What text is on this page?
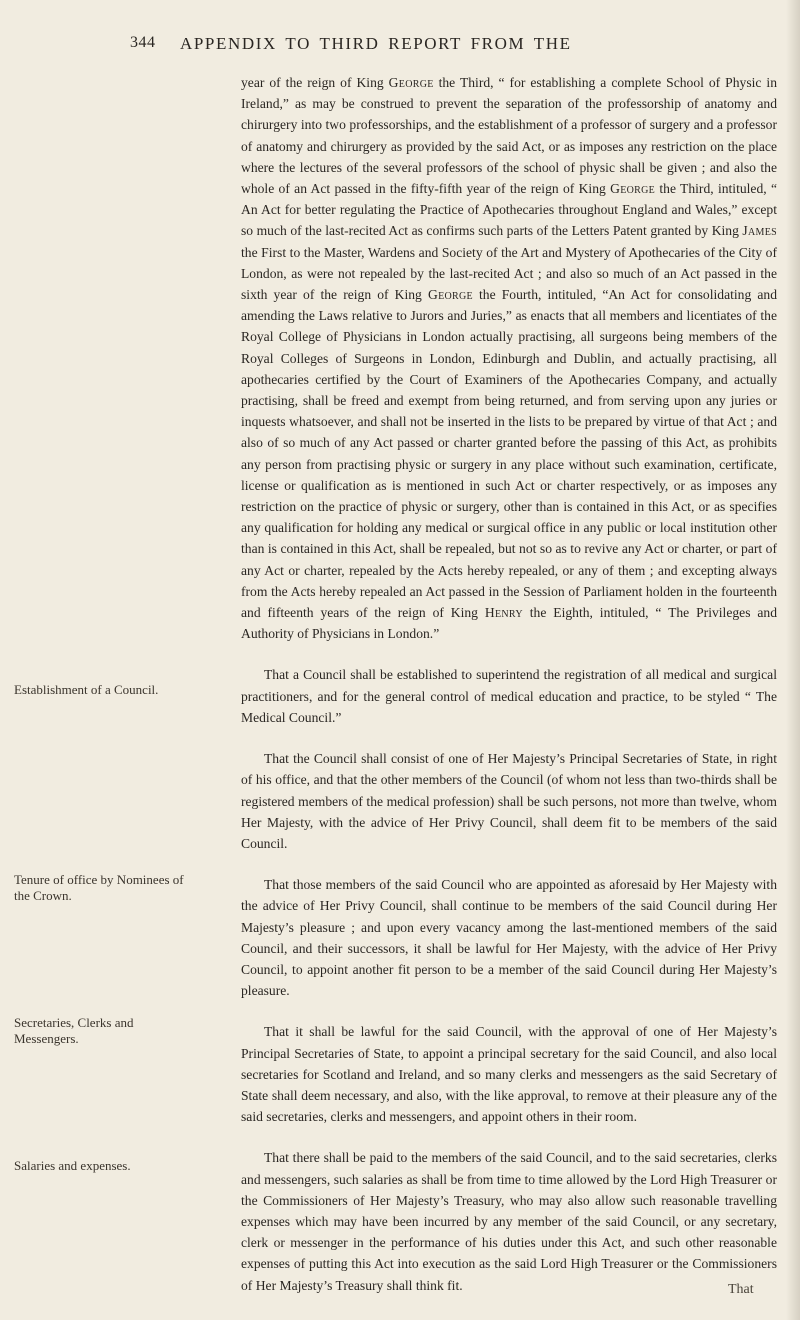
344 APPENDIX TO THIRD REPORT FROM THE

year of the reign of King George the Third, “ for establishing a complete School of Physic in Ireland,” as may be construed to prevent the separation of the professorship of anatomy and chirurgery into two professorships, and the establishment of a professor of surgery and a professor of anatomy and chirurgery as provided by the said Act, or as imposes any restriction on the place where the lectures of the several professors of the school of physic shall be given ; and also the whole of an Act passed in the fifty-fifth year of the reign of King George the Third, intituled, “ An Act for better regulating the Practice of Apothecaries throughout England and Wales,” except so much of the last-recited Act as confirms such parts of the Letters Patent granted by King James the First to the Master, Wardens and Society of the Art and Mystery of Apothecaries of the City of London, as were not repealed by the last-recited Act ; and also so much of an Act passed in the sixth year of the reign of King George the Fourth, intituled, “An Act for consolidating and amending the Laws relative to Jurors and Juries,” as enacts that all members and licentiates of the Royal College of Physicians in London actually practising, all surgeons being members of the Royal Colleges of Surgeons in London, Edinburgh and Dublin, and actually practising, all apothecaries certified by the Court of Examiners of the Apothecaries Company, and actually practising, shall be freed and exempt from being returned, and from serving upon any juries or inquests whatsoever, and shall not be inserted in the lists to be prepared by virtue of that Act ; and also of so much of any Act passed or charter granted before the passing of this Act, as prohibits any person from practising physic or surgery in any place without such examination, certificate, license or qualification as is mentioned in such Act or charter respectively, or as imposes any restriction on the practice of physic or surgery, other than is contained in this Act, or as specifies any qualification for holding any medical or surgical office in any public or local institution other than is contained in this Act, shall be repealed, but not so as to revive any Act or charter, or part of any Act or charter, repealed by the Acts hereby repealed, or any of them ; and excepting always from the Acts hereby repealed an Act passed in the Session of Parliament holden in the fourteenth and fifteenth years of the reign of King Henry the Eighth, intituled, “ The Privileges and Authority of Physicians in London.”

That a Council shall be established to superintend the registration of all medical and surgical practitioners, and for the general control of medical education and practice, to be styled “ The Medical Council.”

That the Council shall consist of one of Her Majesty’s Principal Secretaries of State, in right of his office, and that the other members of the Council (of whom not less than two-thirds shall be registered members of the medical profession) shall be such persons, not more than twelve, whom Her Majesty, with the advice of Her Privy Council, shall deem fit to be members of the said Council.

That those members of the said Council who are appointed as aforesaid by Her Majesty with the advice of Her Privy Council, shall continue to be members of the said Council during Her Majesty’s pleasure ; and upon every vacancy among the last-mentioned members of the said Council, and their successors, it shall be lawful for Her Majesty, with the advice of Her Privy Council, to appoint another fit person to be a member of the said Council during Her Majesty’s pleasure.

That it shall be lawful for the said Council, with the approval of one of Her Majesty’s Principal Secretaries of State, to appoint a principal secretary for the said Council, and also local secretaries for Scotland and Ireland, and so many clerks and messengers as the said Secretary of State shall deem necessary, and also, with the like approval, to remove at their pleasure any of the said secretaries, clerks and messengers, and appoint others in their room.

That there shall be paid to the members of the said Council, and to the said secretaries, clerks and messengers, such salaries as shall be from time to time allowed by the Lord High Treasurer or the Commissioners of Her Majesty’s Treasury, who may also allow such reasonable travelling expenses which may have been incurred by any member of the said Council, or any secretary, clerk or messenger in the performance of his duties under this Act, and such other reasonable expenses of putting this Act into execution as the said Lord High Treasurer or the Commissioners of Her Majesty’s Treasury shall think fit.

Establishment of a Council.
Tenure of office by Nominees of the Crown.
Secretaries, Clerks and Messengers.
Salaries and expenses.
That
